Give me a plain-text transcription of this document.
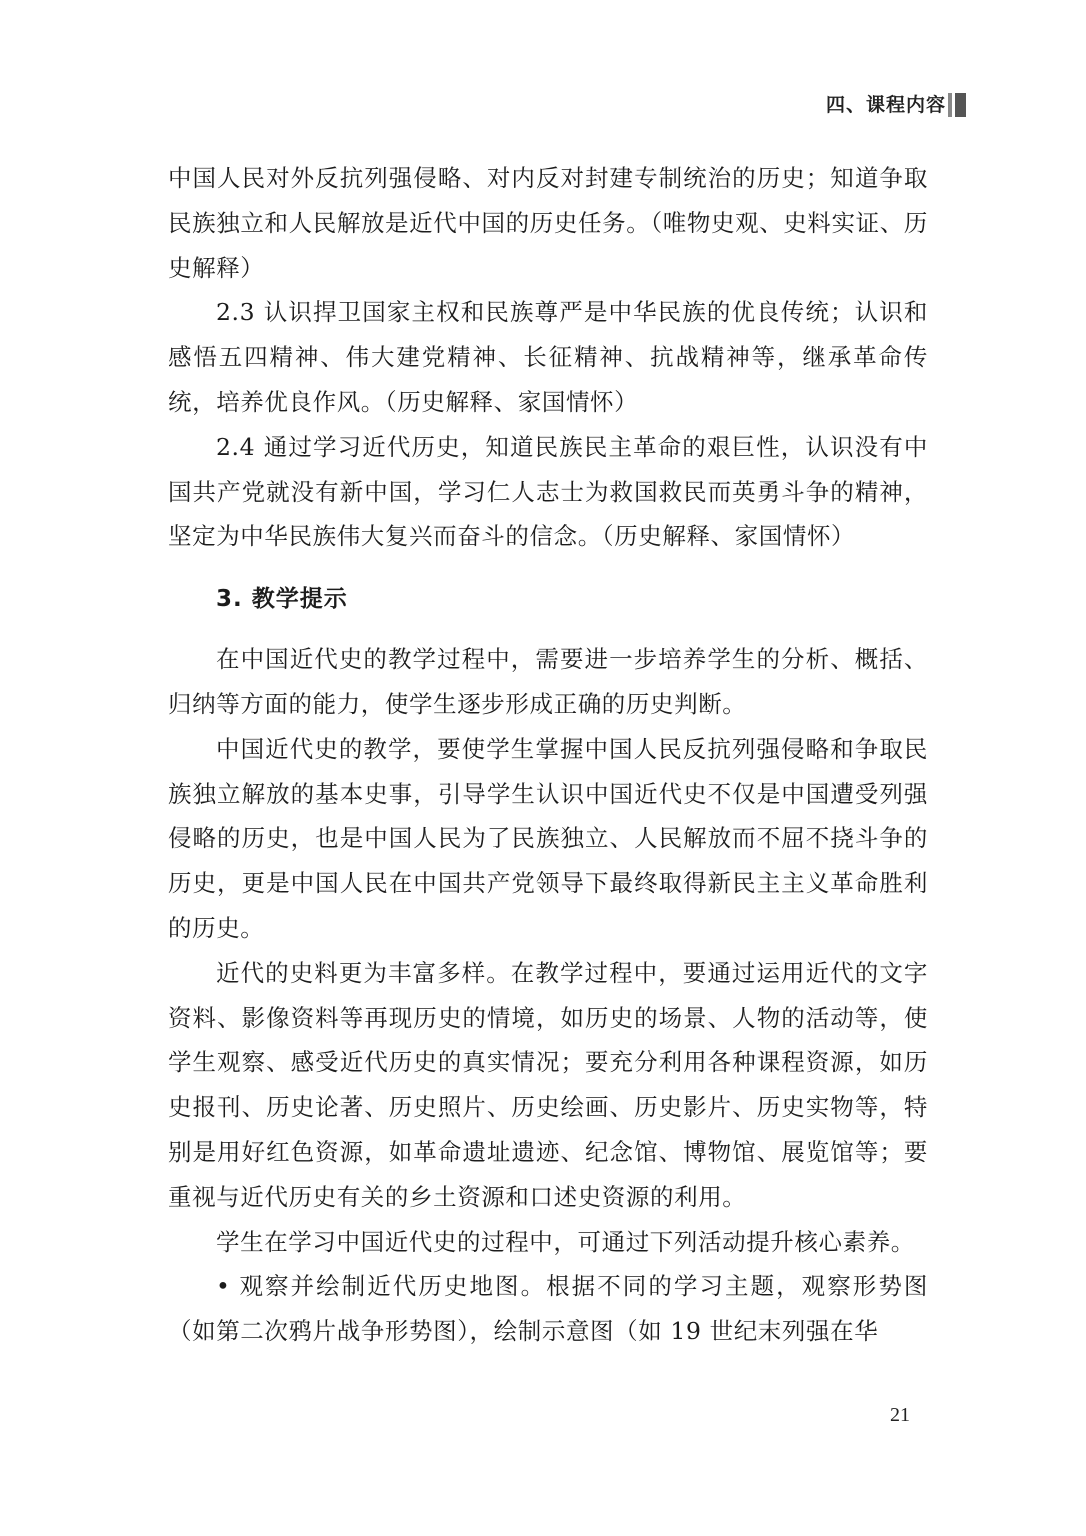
四、课程内容

中国人民对外反抗列强侵略、对内反对封建专制统治的历史；知道争取民族独立和人民解放是近代中国的历史任务。（唯物史观、史料实证、历史解释）

2.3 认识捍卫国家主权和民族尊严是中华民族的优良传统；认识和感悟五四精神、伟大建党精神、长征精神、抗战精神等，继承革命传统，培养优良作风。（历史解释、家国情怀）

2.4 通过学习近代历史，知道民族民主革命的艰巨性，认识没有中国共产党就没有新中国，学习仁人志士为救国救民而英勇斗争的精神，坚定为中华民族伟大复兴而奋斗的信念。（历史解释、家国情怀）

3. 教学提示

在中国近代史的教学过程中，需要进一步培养学生的分析、概括、归纳等方面的能力，使学生逐步形成正确的历史判断。

中国近代史的教学，要使学生掌握中国人民反抗列强侵略和争取民族独立解放的基本史事，引导学生认识中国近代史不仅是中国遭受列强侵略的历史，也是中国人民为了民族独立、人民解放而不屈不挠斗争的历史，更是中国人民在中国共产党领导下最终取得新民主主义革命胜利的历史。

近代的史料更为丰富多样。在教学过程中，要通过运用近代的文字资料、影像资料等再现历史的情境，如历史的场景、人物的活动等，使学生观察、感受近代历史的真实情况；要充分利用各种课程资源，如历史报刊、历史论著、历史照片、历史绘画、历史影片、历史实物等，特别是用好红色资源，如革命遗址遗迹、纪念馆、博物馆、展览馆等；要重视与近代历史有关的乡土资源和口述史资源的利用。

学生在学习中国近代史的过程中，可通过下列活动提升核心素养。

• 观察并绘制近代历史地图。根据不同的学习主题，观察形势图（如第二次鸦片战争形势图），绘制示意图（如 19 世纪末列强在华

21
